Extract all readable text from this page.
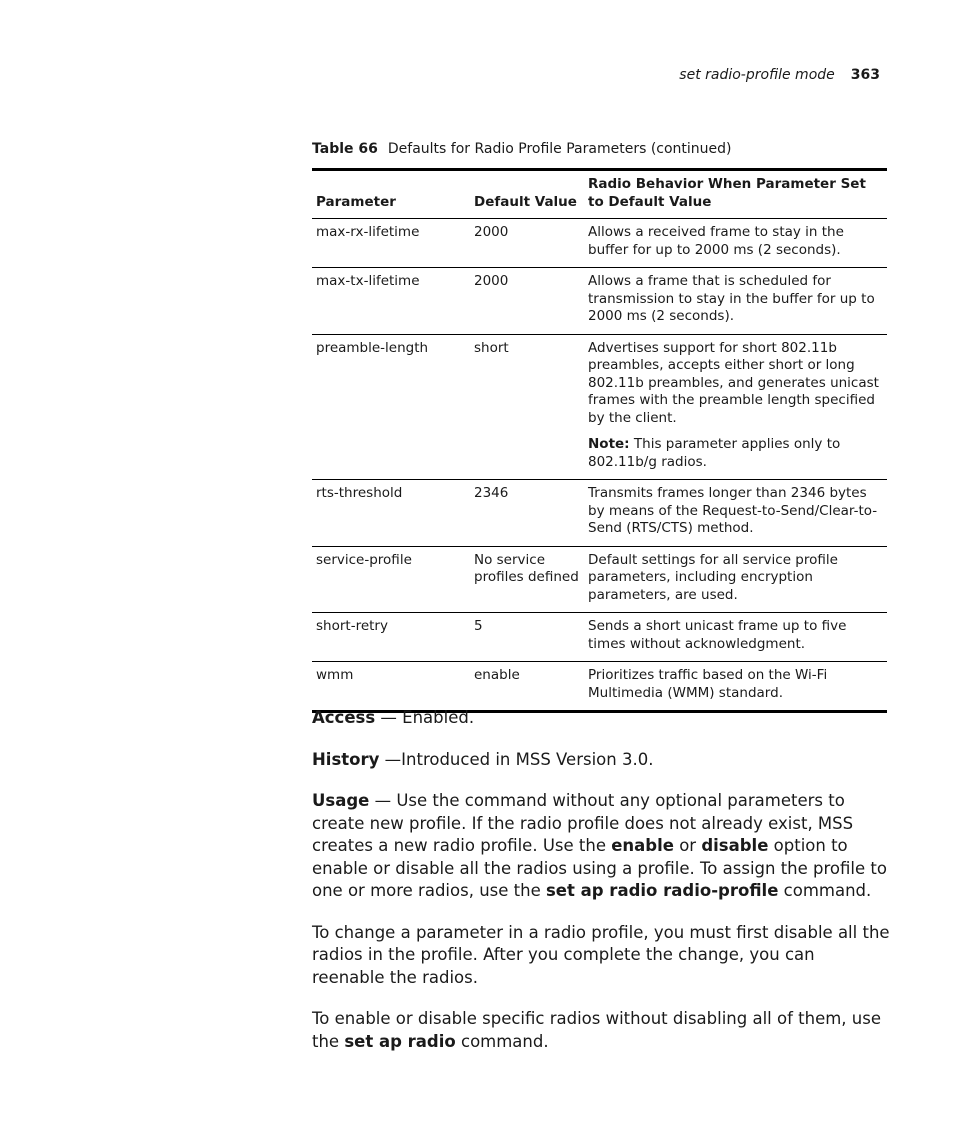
set radio-profile mode 363
Table 66 Defaults for Radio Profile Parameters (continued)
Parameter	Default Value	Radio Behavior When Parameter Set to Default Value
max-rx-lifetime	2000	Allows a received frame to stay in the buffer for up to 2000 ms (2 seconds).
max-tx-lifetime	2000	Allows a frame that is scheduled for transmission to stay in the buffer for up to 2000 ms (2 seconds).
preamble-length	short	Advertises support for short 802.11b preambles, accepts either short or long 802.11b preambles, and generates unicast frames with the preamble length specified by the client.
Note: This parameter applies only to 802.11b/g radios.

rts-threshold	2346	Transmits frames longer than 2346 bytes by means of the Request-to-Send/Clear-to-Send (RTS/CTS) method.
service-profile	No service profiles defined	Default settings for all service profile parameters, including encryption parameters, are used.
short-retry	5	Sends a short unicast frame up to five times without acknowledgment.
wmm	enable	Prioritizes traffic based on the Wi-Fi Multimedia (WMM) standard.

Access — Enabled.

History —Introduced in MSS Version 3.0.

Usage — Use the command without any optional parameters to create new profile. If the radio profile does not already exist, MSS creates a new radio profile. Use the enable or disable option to enable or disable all the radios using a profile. To assign the profile to one or more radios, use the set ap radio radio-profile command.

To change a parameter in a radio profile, you must first disable all the radios in the profile. After you complete the change, you can reenable the radios.

To enable or disable specific radios without disabling all of them, use the set ap radio command.
